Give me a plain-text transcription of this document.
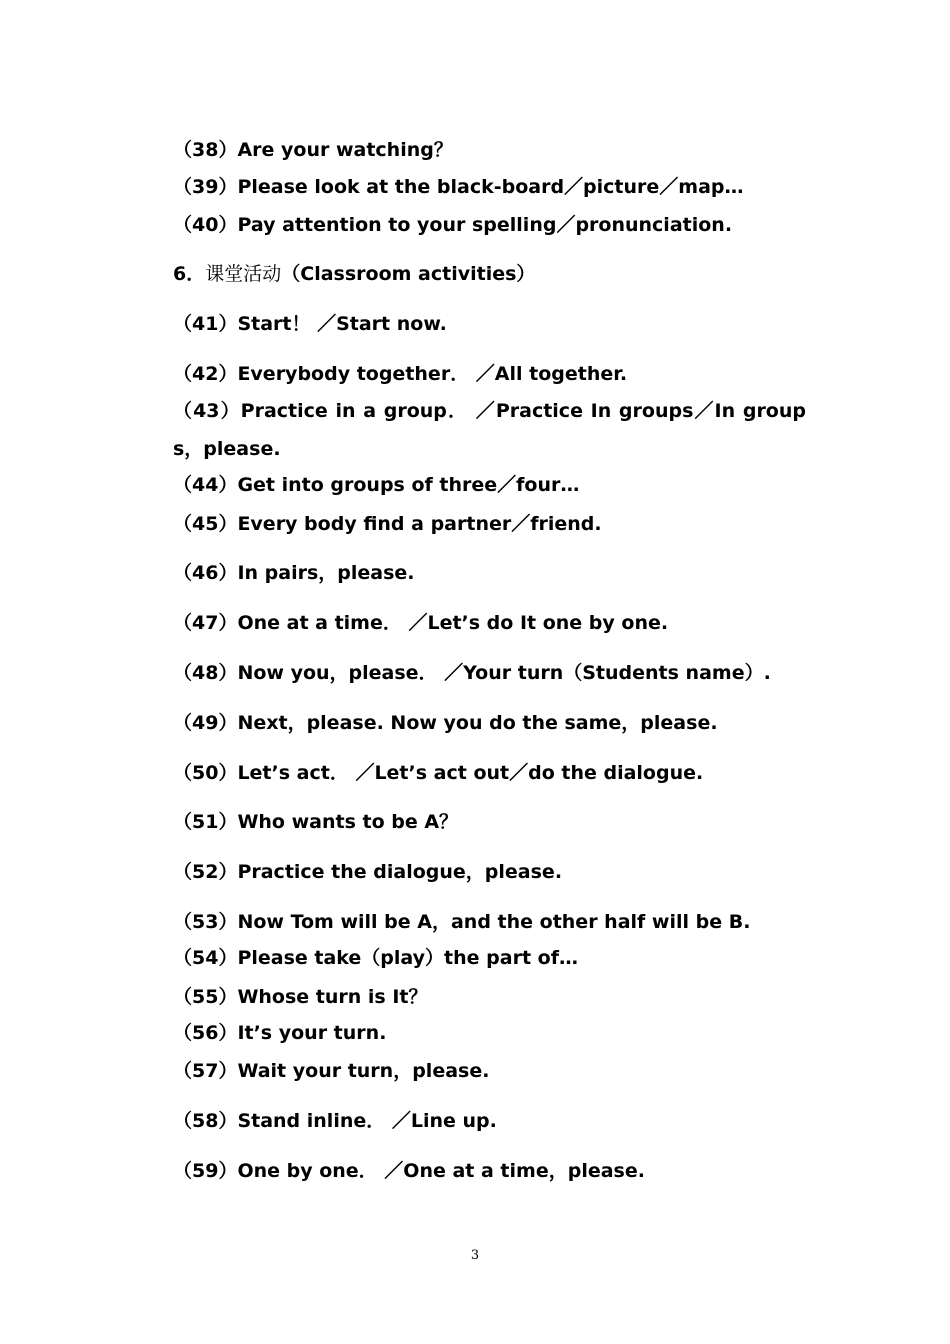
（38）Are your watching？
（39）Please look at the black-board／picture／map…
（40）Pay attention to your spelling／pronunciation.
6．课堂活动（Classroom activities）
（41）Start！ ／Start now.
（42）Everybody together． ／All together.
（43）Practice in a group． ／Practice In groups／In group
s，please.
（44）Get into groups of three／four…
（45）Every body find a partner／friend.
（46）In pairs，please.
（47）One at a time． ／Let’s do It one by one.
（48）Now you，please． ／Your turn（Students name）.
（49）Next，please. Now you do the same，please.
（50）Let’s act． ／Let’s act out／do the dialogue.
（51）Who wants to be A？
（52）Practice the dialogue，please.
（53）Now Tom will be A，and the other half will be B.
（54）Please take（play）the part of…
（55）Whose turn is It？
（56）It’s your turn.
（57）Wait your turn，please.
（58）Stand inline． ／Line up.
（59）One by one． ／One at a time，please.
3
